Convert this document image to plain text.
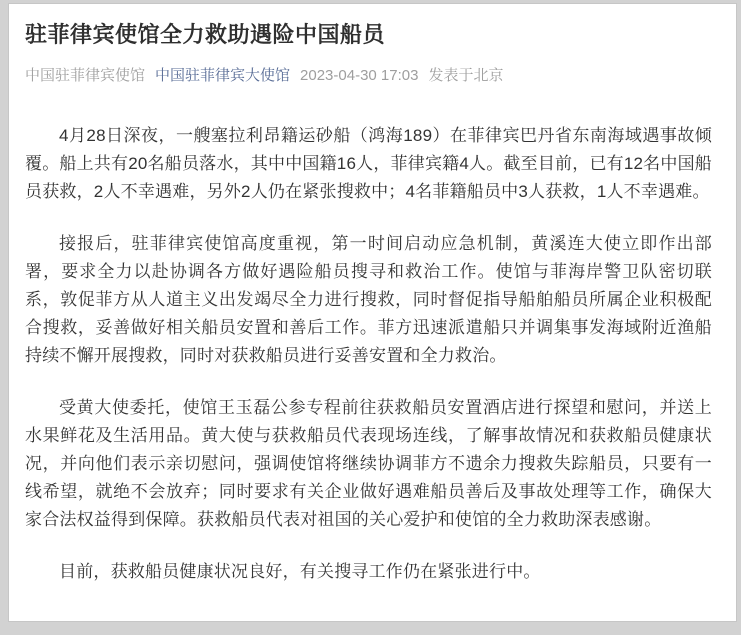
驻菲律宾使馆全力救助遇险中国船员
中国驻菲律宾使馆 中国驻菲律宾大使馆 2023-04-30 17:03 发表于北京

4月28日深夜，一艘塞拉利昂籍运砂船（鸿海189）在菲律宾巴丹省东南海域遇事故倾覆。船上共有20名船员落水，其中中国籍16人，菲律宾籍4人。截至目前，已有12名中国船员获救，2人不幸遇难，另外2人仍在紧张搜救中；4名菲籍船员中3人获救，1人不幸遇难。

接报后，驻菲律宾使馆高度重视，第一时间启动应急机制，黄溪连大使立即作出部署，要求全力以赴协调各方做好遇险船员搜寻和救治工作。使馆与菲海岸警卫队密切联系，敦促菲方从人道主义出发竭尽全力进行搜救，同时督促指导船舶船员所属企业积极配合搜救，妥善做好相关船员安置和善后工作。菲方迅速派遣船只并调集事发海域附近渔船持续不懈开展搜救，同时对获救船员进行妥善安置和全力救治。

受黄大使委托，使馆王玉磊公参专程前往获救船员安置酒店进行探望和慰问，并送上水果鲜花及生活用品。黄大使与获救船员代表现场连线，了解事故情况和获救船员健康状况，并向他们表示亲切慰问，强调使馆将继续协调菲方不遗余力搜救失踪船员，只要有一线希望，就绝不会放弃；同时要求有关企业做好遇难船员善后及事故处理等工作，确保大家合法权益得到保障。获救船员代表对祖国的关心爱护和使馆的全力救助深表感谢。

目前，获救船员健康状况良好，有关搜寻工作仍在紧张进行中。
